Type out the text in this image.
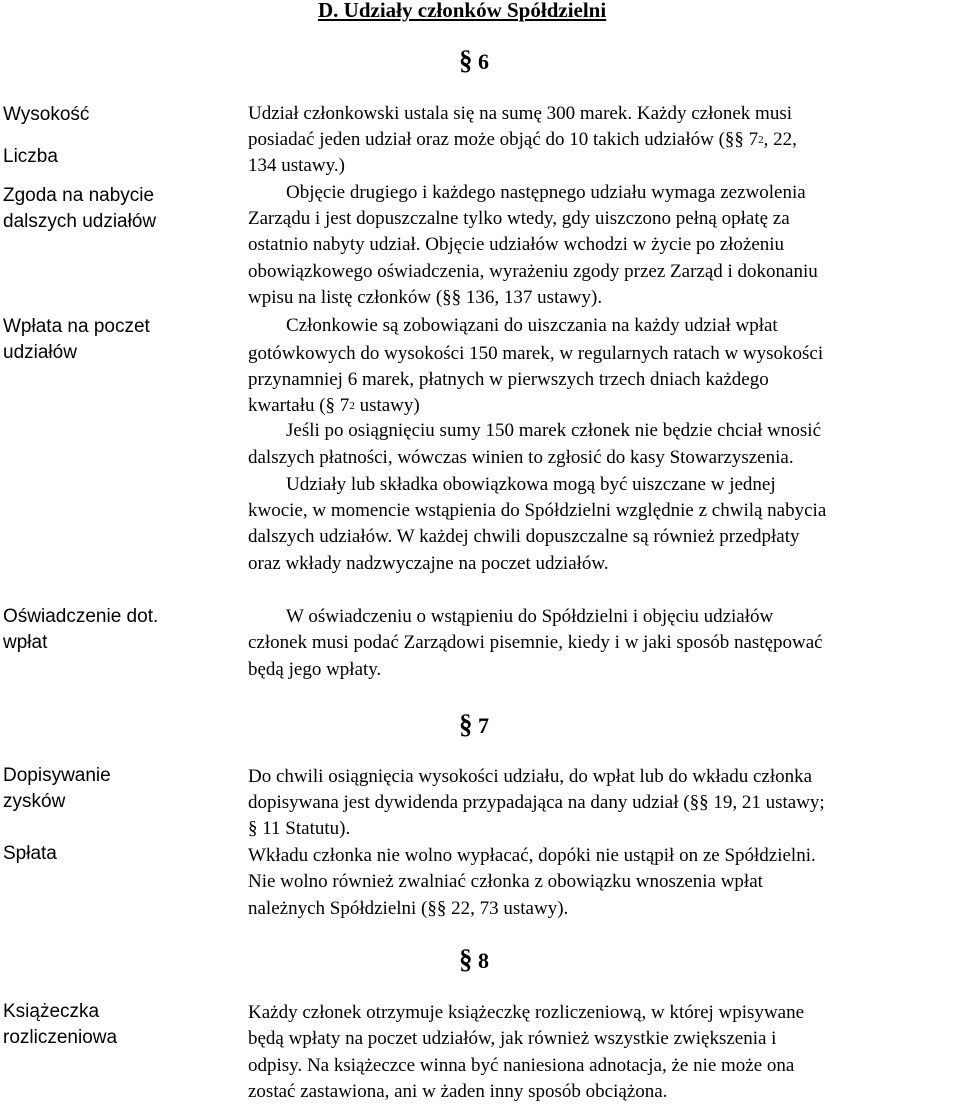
D. Udziały członków Spółdzielni
§ 6
§ 7
§ 8
Wysokość
Liczba
Zgoda na nabycie
dalszych udziałów
Wpłata na poczet
udziałów
Oświadczenie dot.
wpłat
Dopisywanie
zysków
Spłata
Książeczka
rozliczeniowa
Udział członkowski ustala się na sumę 300 marek. Każdy członek musi
posiadać jeden udział oraz może objąć do 10 takich udziałów (§§ $7^2$, 22,
134 ustawy.)
Objęcie drugiego i każdego następnego udziału wymaga zezwolenia
Zarządu i jest dopuszczalne tylko wtedy, gdy uiszczono pełną opłatę za
ostatnio nabyty udział. Objęcie udziałów wchodzi w życie po złożeniu
obowiązkowego oświadczenia, wyrażeniu zgody przez Zarząd i dokonaniu
wpisu na listę członków (§§ 136, 137 ustawy).
Członkowie są zobowiązani do uiszczania na każdy udział wpłat
gotówkowych do wysokości 150 marek, w regularnych ratach w wysokości
przynamniej 6 marek, płatnych w pierwszych trzech dniach każdego
kwartału (§ $7^2$ ustawy)
Jeśli po osiągnięciu sumy 150 marek członek nie będzie chciał wnosić
dalszych płatności, wówczas winien to zgłosić do kasy Stowarzyszenia.
Udziały lub składka obowiązkowa mogą być uiszczane w jednej
kwocie, w momencie wstąpienia do Spółdzielni względnie z chwilą nabycia
dalszych udziałów. W każdej chwili dopuszczalne są również przedpłaty
oraz wkłady nadzwyczajne na poczet udziałów.
W oświadczeniu o wstąpieniu do Spółdzielni i objęciu udziałów
członek musi podać Zarządowi pisemnie, kiedy i w jaki sposób następować
będą jego wpłaty.
Do chwili osiągnięcia wysokości udziału, do wpłat lub do wkładu członka
dopisywana jest dywidenda przypadająca na dany udział (§§ 19, 21 ustawy;
§ 11 Statutu).
Wkładu członka nie wolno wypłacać, dopóki nie ustąpił on ze Spółdzielni.
Nie wolno również zwalniać członka z obowiązku wnoszenia wpłat
należnych Spółdzielni (§§ 22, 73 ustawy).
Każdy członek otrzymuje książeczkę rozliczeniową, w której wpisywane
będą wpłaty na poczet udziałów, jak również wszystkie zwiększenia i
odpisy. Na książeczce winna być naniesiona adnotacja, że nie może ona
zostać zastawiona, ani w żaden inny sposób obciążona.
